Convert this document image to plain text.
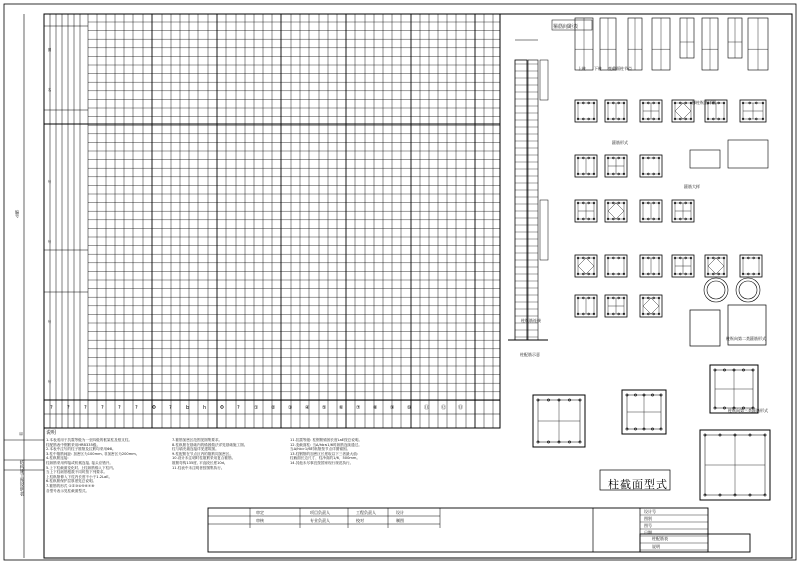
编号
结构施工图说明表
审
图
名
号
号
号
号
?	?	?	?	?	?	Φ	?	b	h	Φ	?	①	②	③	④	⑤	⑥	⑦	⑧	⑨	⑩	⑪ ⑫ ⑬
说明
1.本表适用于抗震等级为一至四级的框架柱及框支柱。
柱配筋表中钢筋采用HRB335级。
2.本表中注写的柱子箍筋及拉筋均采用Φ8。
3.柱中箍筋间距: 加密区为100mm, 非加密区为200mm。
4.柱纵筋连接:
柱纵筋采用焊接或机械连接, 接头应错开。
5.上下柱截面变化时, 上柱纵筋锚入下柱内。
当上下柱纵筋根数不同时按下列要求。
上柱纵筋伸入下柱内长度不小于1.2LaE。
6.柱纵筋保护层厚度见总说明。
7.箍筋的形式 ①②③④⑤⑥⑦⑧
各型号表示见柱截面型式。
7.箍筋加密区范围见图集要求。
8.柱纵筋在基础内的锚固做法详见基础施工图。
柱与填充墙连接详见建筑图。
9.柱配筋在节点区内的箍筋同加密区。
10.设计未注明时柱箍筋采用复合箍筋。
箍筋弯钩135度, 平直段长度10d。
11.柱表中未注明者按图集执行。
11.抗震等级: 柱钢筋锚固长度LaE按总说明。
12.变截面柱: 当Δ/hb≤1/6时纵筋连续通过。
当Δ/hb>1/6时纵筋按节点详图锚固。
13.柱钢筋的加密区长度取以下三者最大值:
柱截面长边尺寸、柱净高的1/6、500mm。
14.其他未尽事宜按国家现行规范执行。
箍筋间距表
变截面柱节点
梯柱纵筋详图
箍筋形式
箍筋大样
柱纵筋连接
柱纵向第二类箍筋形式
柱纵向第三类箍筋形式
柱配筋示意
上柱 下柱
柱截面型式
审定	项目负责人	工程负责人	设计
审核	专业负责人	校对	制图
设计号
图别
图号
日期
柱配筋表
说明
